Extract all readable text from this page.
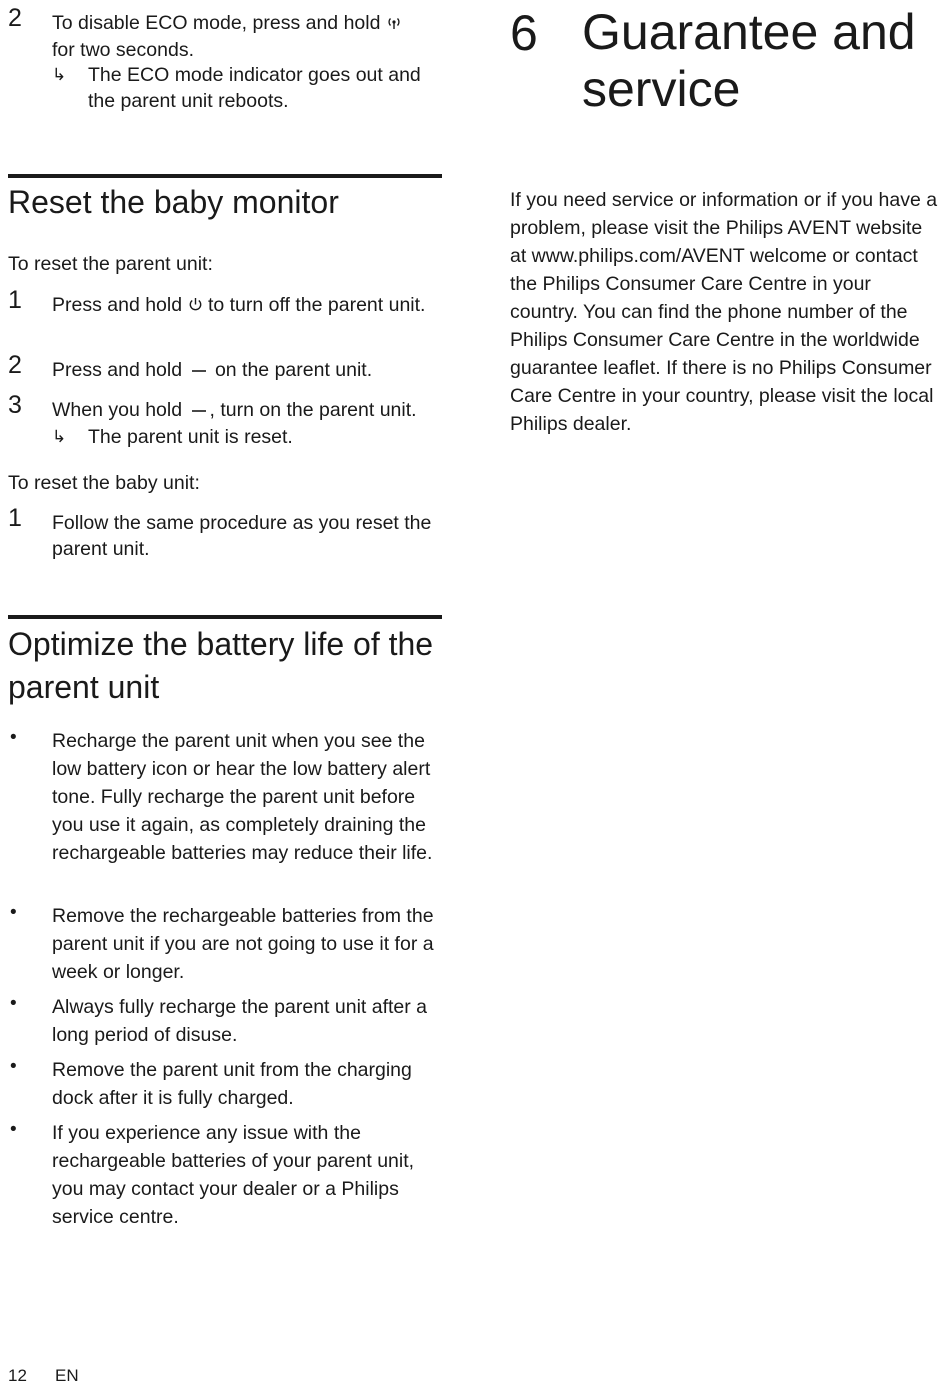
2 To disable ECO mode, press and hold
for two seconds.
↳ The ECO mode indicator goes out and the parent unit reboots.
Reset the baby monitor
To reset the parent unit:
1 Press and hold to turn off the parent unit.
2 Press and hold on the parent unit.
3 When you hold , turn on the parent unit.
↳ The parent unit is reset.
To reset the baby unit:
1 Follow the same procedure as you reset the parent unit.
Optimize the battery life of the parent unit
• Recharge the parent unit when you see the low battery icon or hear the low battery alert tone. Fully recharge the parent unit before you use it again, as completely draining the rechargeable batteries may reduce their life.
• Remove the rechargeable batteries from the parent unit if you are not going to use it for a week or longer.
• Always fully recharge the parent unit after a long period of disuse.
• Remove the parent unit from the charging dock after it is fully charged.
• If you experience any issue with the rechargeable batteries of your parent unit, you may contact your dealer or a Philips service centre.
6 Guarantee and service
If you need service or information or if you have a problem, please visit the Philips AVENT website at www.philips.com/AVENT welcome or contact the Philips Consumer Care Centre in your country. You can find the phone number of the Philips Consumer Care Centre in the worldwide guarantee leaflet. If there is no Philips Consumer Care Centre in your country, please visit the local Philips dealer.
12 EN
